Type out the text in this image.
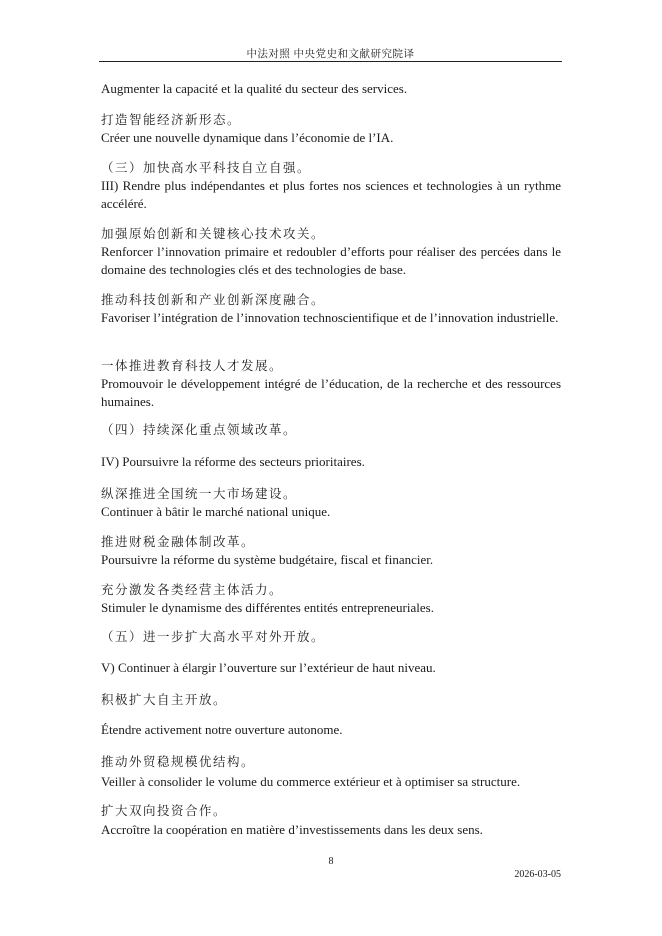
中法对照 中央党史和文献研究院译

Augmenter la capacité et la qualité du secteur des services.

打造智能经济新形态。

Créer une nouvelle dynamique dans l’économie de l’IA.

（三）加快高水平科技自立自强。

III) Rendre plus indépendantes et plus fortes nos sciences et technologies à un rythme accéléré.

加强原始创新和关键核心技术攻关。

Renforcer l’innovation primaire et redoubler d’efforts pour réaliser des percées dans le domaine des technologies clés et des technologies de base.

推动科技创新和产业创新深度融合。

Favoriser l’intégration de l’innovation technoscientifique et de l’innovation industrielle.

一体推进教育科技人才发展。

Promouvoir le développement intégré de l’éducation, de la recherche et des ressources humaines.

（四）持续深化重点领域改革。

IV) Poursuivre la réforme des secteurs prioritaires.

纵深推进全国统一大市场建设。

Continuer à bâtir le marché national unique.

推进财税金融体制改革。

Poursuivre la réforme du système budgétaire, fiscal et financier.

充分激发各类经营主体活力。

Stimuler le dynamisme des différentes entités entrepreneuriales.

（五）进一步扩大高水平对外开放。

V) Continuer à élargir l’ouverture sur l’extérieur de haut niveau.

积极扩大自主开放。

Étendre activement notre ouverture autonome.

推动外贸稳规模优结构。

Veiller à consolider le volume du commerce extérieur et à optimiser sa structure.

扩大双向投资合作。

Accroître la coopération en matière d’investissements dans les deux sens.

8
2026-03-05
